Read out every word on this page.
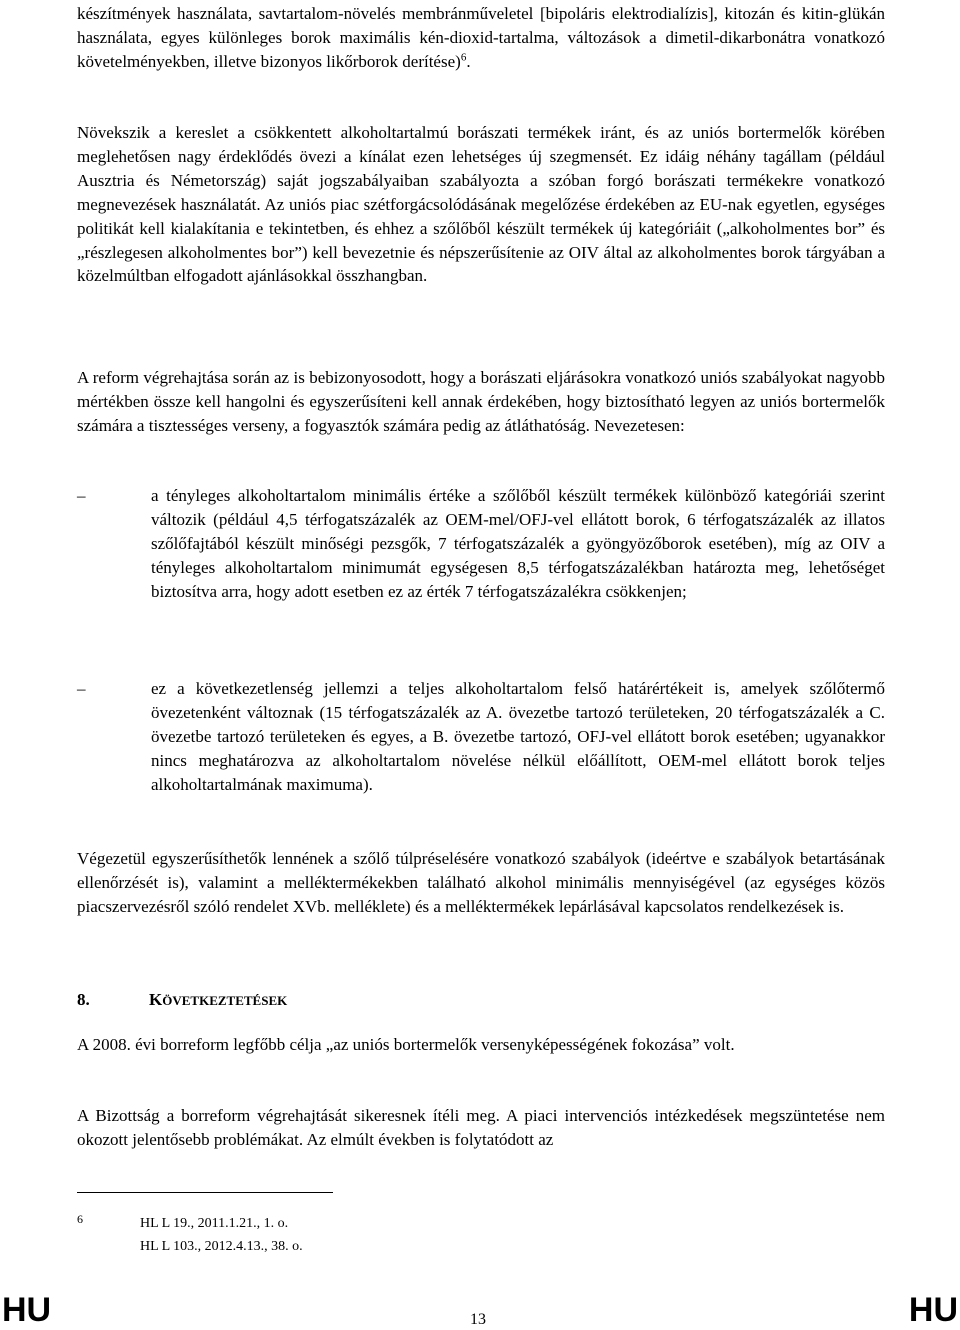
készítmények használata, savtartalom-növelés membránműveletel [bipoláris elektrodialízis], kitozán és kitin-glükán használata, egyes különleges borok maximális kén-dioxid-tartalma, változások a dimetil-dikarbonátra vonatkozó követelményekben, illetve bizonyos likőrborok derítése)$^6$.

Növekszik a kereslet a csökkentett alkoholtartalmú borászati termékek iránt, és az uniós bortermelők körében meglehetősen nagy érdeklődés övezi a kínálat ezen lehetséges új szegmensét. Ez idáig néhány tagállam (például Ausztria és Németország) saját jogszabályaiban szabályozta a szóban forgó borászati termékekre vonatkozó megnevezések használatát. Az uniós piac szétforgácsolódásának megelőzése érdekében az EU-nak egyetlen, egységes politikát kell kialakítania e tekintetben, és ehhez a szőlőből készült termékek új kategóriáit („alkoholmentes bor” és „részlegesen alkoholmentes bor”) kell bevezetnie és népszerűsítenie az OIV által az alkoholmentes borok tárgyában a közelmúltban elfogadott ajánlásokkal összhangban.

A reform végrehajtása során az is bebizonyosodott, hogy a borászati eljárásokra vonatkozó uniós szabályokat nagyobb mértékben össze kell hangolni és egyszerűsíteni kell annak érdekében, hogy biztosítható legyen az uniós bortermelők számára a tisztességes verseny, a fogyasztók számára pedig az átláthatóság. Nevezetesen:

–	a tényleges alkoholtartalom minimális értéke a szőlőből készült termékek különböző kategóriái szerint változik (például 4,5 térfogatszázalék az OEM-mel/OFJ-vel ellátott borok, 6 térfogatszázalék az illatos szőlőfajtából készült minőségi pezsgők, 7 térfogatszázalék a gyöngyözőborok esetében), míg az OIV a tényleges alkoholtartalom minimumát egységesen 8,5 térfogatszázalékban határozta meg, lehetőséget biztosítva arra, hogy adott esetben ez az érték 7 térfogatszázalékra csökkenjen;

–	ez a következetlenség jellemzi a teljes alkoholtartalom felső határértékeit is, amelyek szőlőtermő övezetenként változnak (15 térfogatszázalék az A. övezetbe tartozó területeken, 20 térfogatszázalék a C. övezetbe tartozó területeken és egyes, a B. övezetbe tartozó, OFJ-vel ellátott borok esetében; ugyanakkor nincs meghatározva az alkoholtartalom növelése nélkül előállított, OEM-mel ellátott borok teljes alkoholtartalmának maximuma).

Végezetül egyszerűsíthetők lennének a szőlő túlpréselésére vonatkozó szabályok (ideértve e szabályok betartásának ellenőrzését is), valamint a melléktermékekben található alkohol minimális mennyiségével (az egységes közös piacszervezésről szóló rendelet XVb. melléklete) és a melléktermékek lepárlásával kapcsolatos rendelkezések is.

8.	KÖVETKEZTETÉSEK

A 2008. évi borreform legfőbb célja „az uniós bortermelők versenyképességének fokozása” volt.

A Bizottság a borreform végrehajtását sikeresnek ítéli meg. A piaci intervenciós intézkedések megszüntetése nem okozott jelentősebb problémákat. Az elmúlt években is folytatódott az

6	HL L 19., 2011.1.21., 1. o.
HL L 103., 2012.4.13., 38. o.
HU	13	HU
